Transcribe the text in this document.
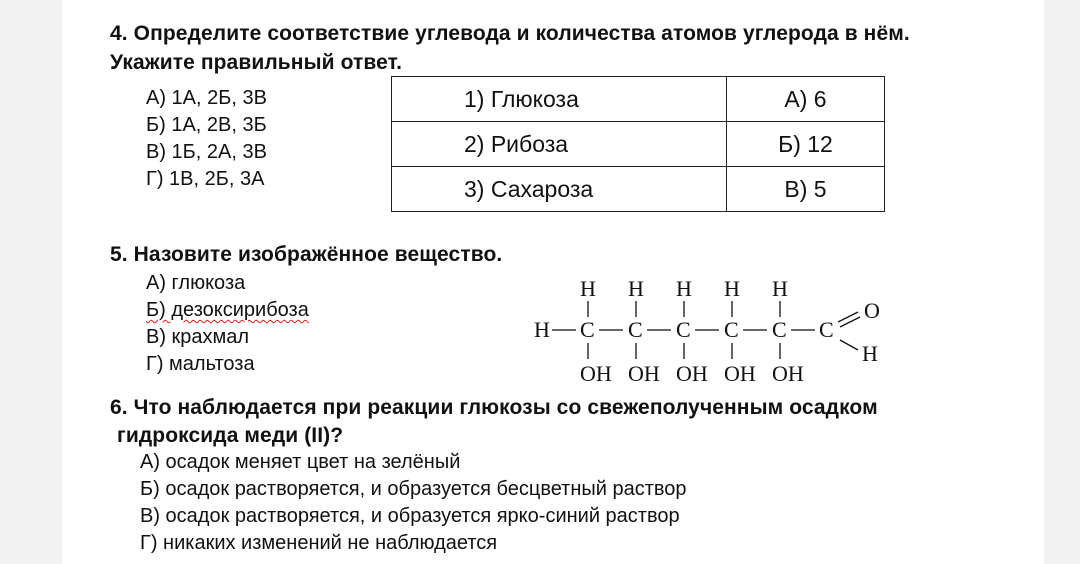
4. Определите соответствие углевода и количества атомов углерода в нём.
Укажите правильный ответ.
А) 1А, 2Б, 3В
Б) 1А, 2В, 3Б
В) 1Б, 2А, 3В
Г) 1В, 2Б, 3А
1) Глюкоза	А) 6
2) Рибоза	Б) 12
3) Сахароза	В) 5
5. Назовите изображённое вещество.
А) глюкоза
Б) дезоксирибоза
В) крахмал
Г) мальтоза
H H H H H
H C C C C C C
O
H
OH OH OH OH OH
6. Что наблюдается при реакции глюкозы со свежеполученным осадком
гидроксида меди (II)?
А) осадок меняет цвет на зелёный
Б) осадок растворяется, и образуется бесцветный раствор
В) осадок растворяется, и образуется ярко-синий раствор
Г) никаких изменений не наблюдается
